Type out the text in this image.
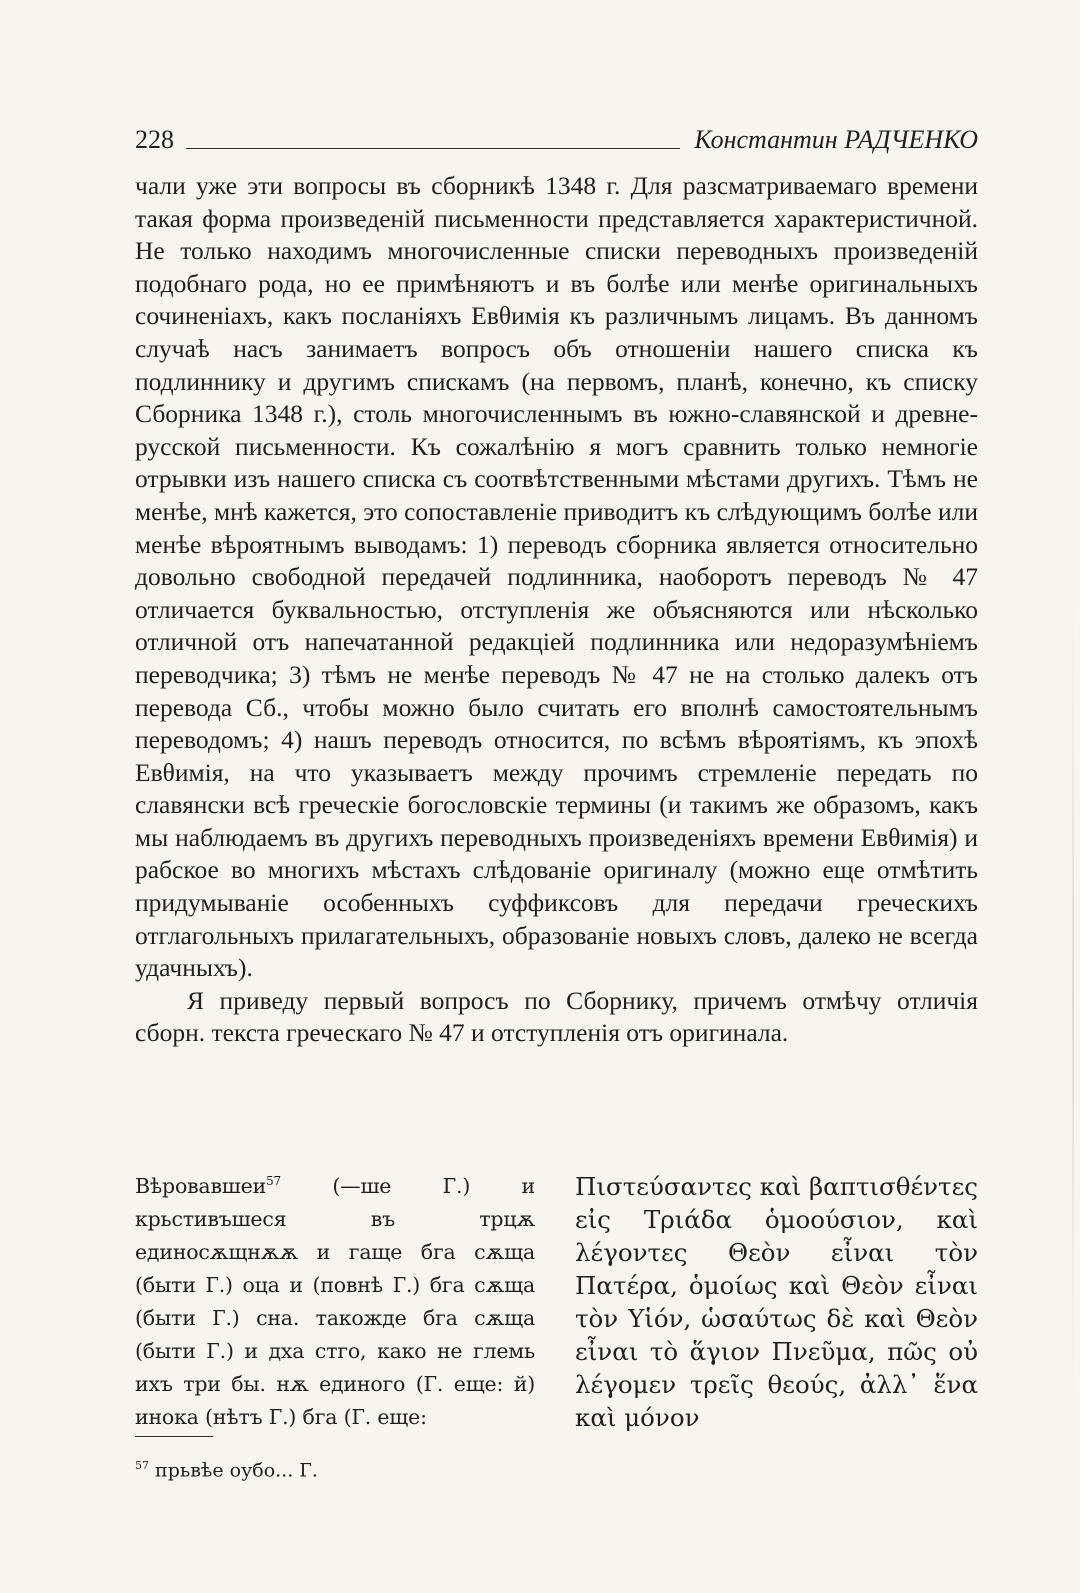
228	Константин РАДЧЕНКО

чали уже эти вопросы въ сборникѣ 1348 г. Для разсматриваемаго времени такая форма произведенiй письменности представляется характеристичной. Не только находимъ многочисленные списки переводныхъ произведенiй подобнаго рода, но ее примѣняютъ и въ болѣе или менѣе оригинальныхъ сочиненiахъ, какъ посланiяхъ Евθимiя къ различнымъ лицамъ. Въ данномъ случаѣ насъ занимаетъ вопросъ объ отношенiи нашего списка къ подлиннику и другимъ спискамъ (на первомъ, планѣ, конечно, къ списку Сборника 1348 г.), столь многочисленнымъ въ южно-славянской и древне-русской письменности. Къ сожалѣнiю я могъ сравнить только немногiе отрывки изъ нашего списка съ соотвѣтственными мѣстами другихъ. Тѣмъ не менѣе, мнѣ кажется, это сопоставленiе приводитъ къ слѣдующимъ болѣе или менѣе вѣроятнымъ выводамъ: 1) переводъ сборника является относительно довольно свободной передачей подлинника, наоборотъ переводъ № 47 отличается буквальностью, отступленiя же объясняются или нѣсколько отличной отъ напечатанной редакцiей подлинника или недоразумѣнiемъ переводчика; 3) тѣмъ не менѣе переводъ № 47 не на столько далекъ отъ перевода Сб., чтобы можно было считать его вполнѣ самостоятельнымъ переводомъ; 4) нашъ переводъ относится, по всѣмъ вѣроятiямъ, къ эпохѣ Евθимiя, на что указываетъ между прочимъ стремленiе передать по славянски всѣ греческiе богословскiе термины (и такимъ же образомъ, какъ мы наблюдаемъ въ другихъ переводныхъ произведенiяхъ времени Евθимiя) и рабское во многихъ мѣстахъ слѣдованiе оригиналу (можно еще отмѣтить придумыванiе особенныхъ суффиксовъ для передачи греческихъ отглагольныхъ прилагательныхъ, образованiе новыхъ словъ, далеко не всегда удачныхъ).

Я приведу первый вопросъ по Сборнику, причемъ отмѣчу отличiя сборн. текста греческаго № 47 и отступленiя отъ оригинала.

Вѣровавшеи$^{57}$ (—ше Г.) и крьстивъшеся въ трцѫ единосѫщнѫѫ и гаще бга сѫща (быти Г.) оца и (повнѣ Г.) бга сѫща (быти Г.) сна. такожде бга сѫща (быти Г.) и дха стго, како не глемь ихъ три бы. нѫ единого (Г. еще: й) инока (нѣтъ Г.) бга (Г. еще:
Πιστεύσαντες καὶ βαπτισθέντες εἰς Τριάδα ὁμοούσιον, καὶ λέγοντες Θεὸν εἶναι τὸν Πατέρα, ὁμοίως καὶ Θεὸν εἶναι τὸν Υἱόν, ὡσαύτως δὲ καὶ Θεὸν εἶναι τὸ ἅγιον Πνεῦμα, πῶς οὐ λέγομεν τρεῖς θεούς, ἀλλ᾽ ἕνα καὶ μόνον
$^{57}$ прьвѣе оубо... Г.
